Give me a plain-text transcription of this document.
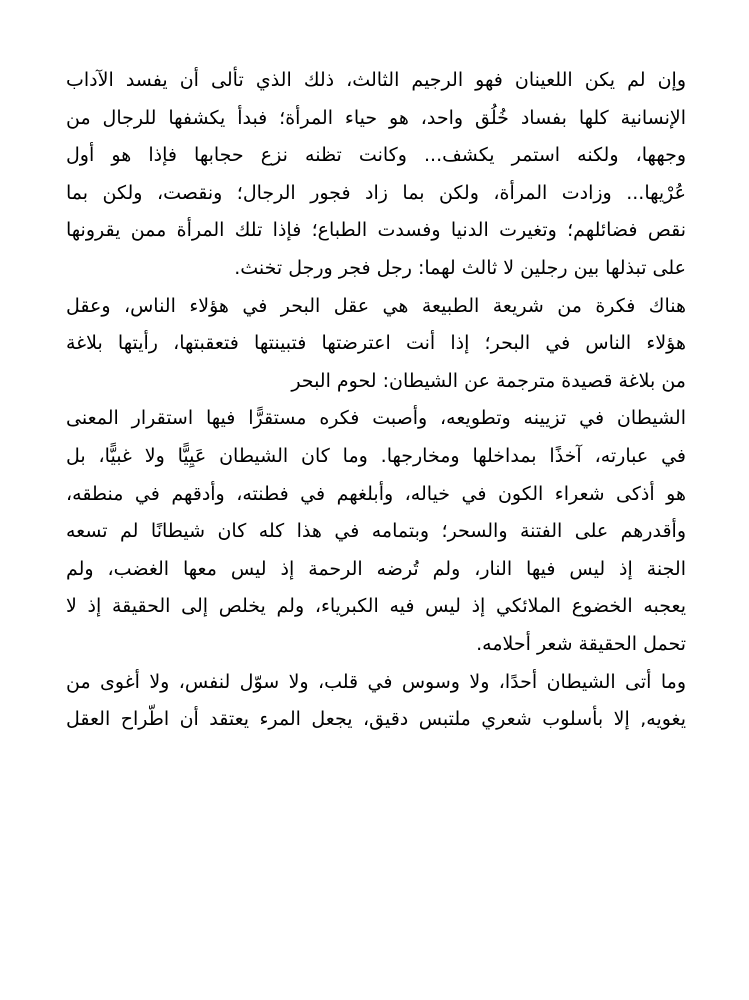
وإن لم يكن اللعينان فهو الرجيم الثالث، ذلك الذي تألى أن يفسد الآداب
الإنسانية كلها بفساد خُلُق واحد، هو حياء المرأة؛ فبدأ يكشفها للرجال من
وجهها، ولكنه استمر يكشف... وكانت تظنه نزع حجابها فإذا هو أول
عُرْيها... وزادت المرأة، ولكن بما زاد فجور الرجال؛ ونقصت، ولكن بما
نقص فضائلهم؛ وتغيرت الدنيا وفسدت الطباع؛ فإذا تلك المرأة ممن يقرونها
على تبذلها بين رجلين لا ثالث لهما: رجل فجر ورجل تخنث.
هناك فكرة من شريعة الطبيعة هي عقل البحر في هؤلاء الناس، وعقل
هؤلاء الناس في البحر؛ إذا أنت اعترضتها فتبينتها فتعقبتها، رأيتها بلاغة
من بلاغة قصيدة مترجمة عن الشيطان: لحوم البحر
الشيطان في تزيينه وتطويعه، وأصبت فكره مستقرًّا فيها استقرار المعنى
في عبارته، آخذًا بمداخلها ومخارجها. وما كان الشيطان عَيِيًّا ولا غبيًّا، بل
هو أذكى شعراء الكون في خياله، وأبلغهم في فطنته، وأدقهم في منطقه،
وأقدرهم على الفتنة والسحر؛ وبتمامه في هذا كله كان شيطانًا لم تسعه
الجنة إذ ليس فيها النار، ولم تُرضه الرحمة إذ ليس معها الغضب، ولم
يعجبه الخضوع الملائكي إذ ليس فيه الكبرياء، ولم يخلص إلى الحقيقة إذ لا
تحمل الحقيقة شعر أحلامه.
وما أتى الشيطان أحدًا، ولا وسوس في قلب، ولا سوّل لنفس، ولا أغوى من
يغويه, إلا بأسلوب شعري ملتبس دقيق، يجعل المرء يعتقد أن اطّراح العقل
